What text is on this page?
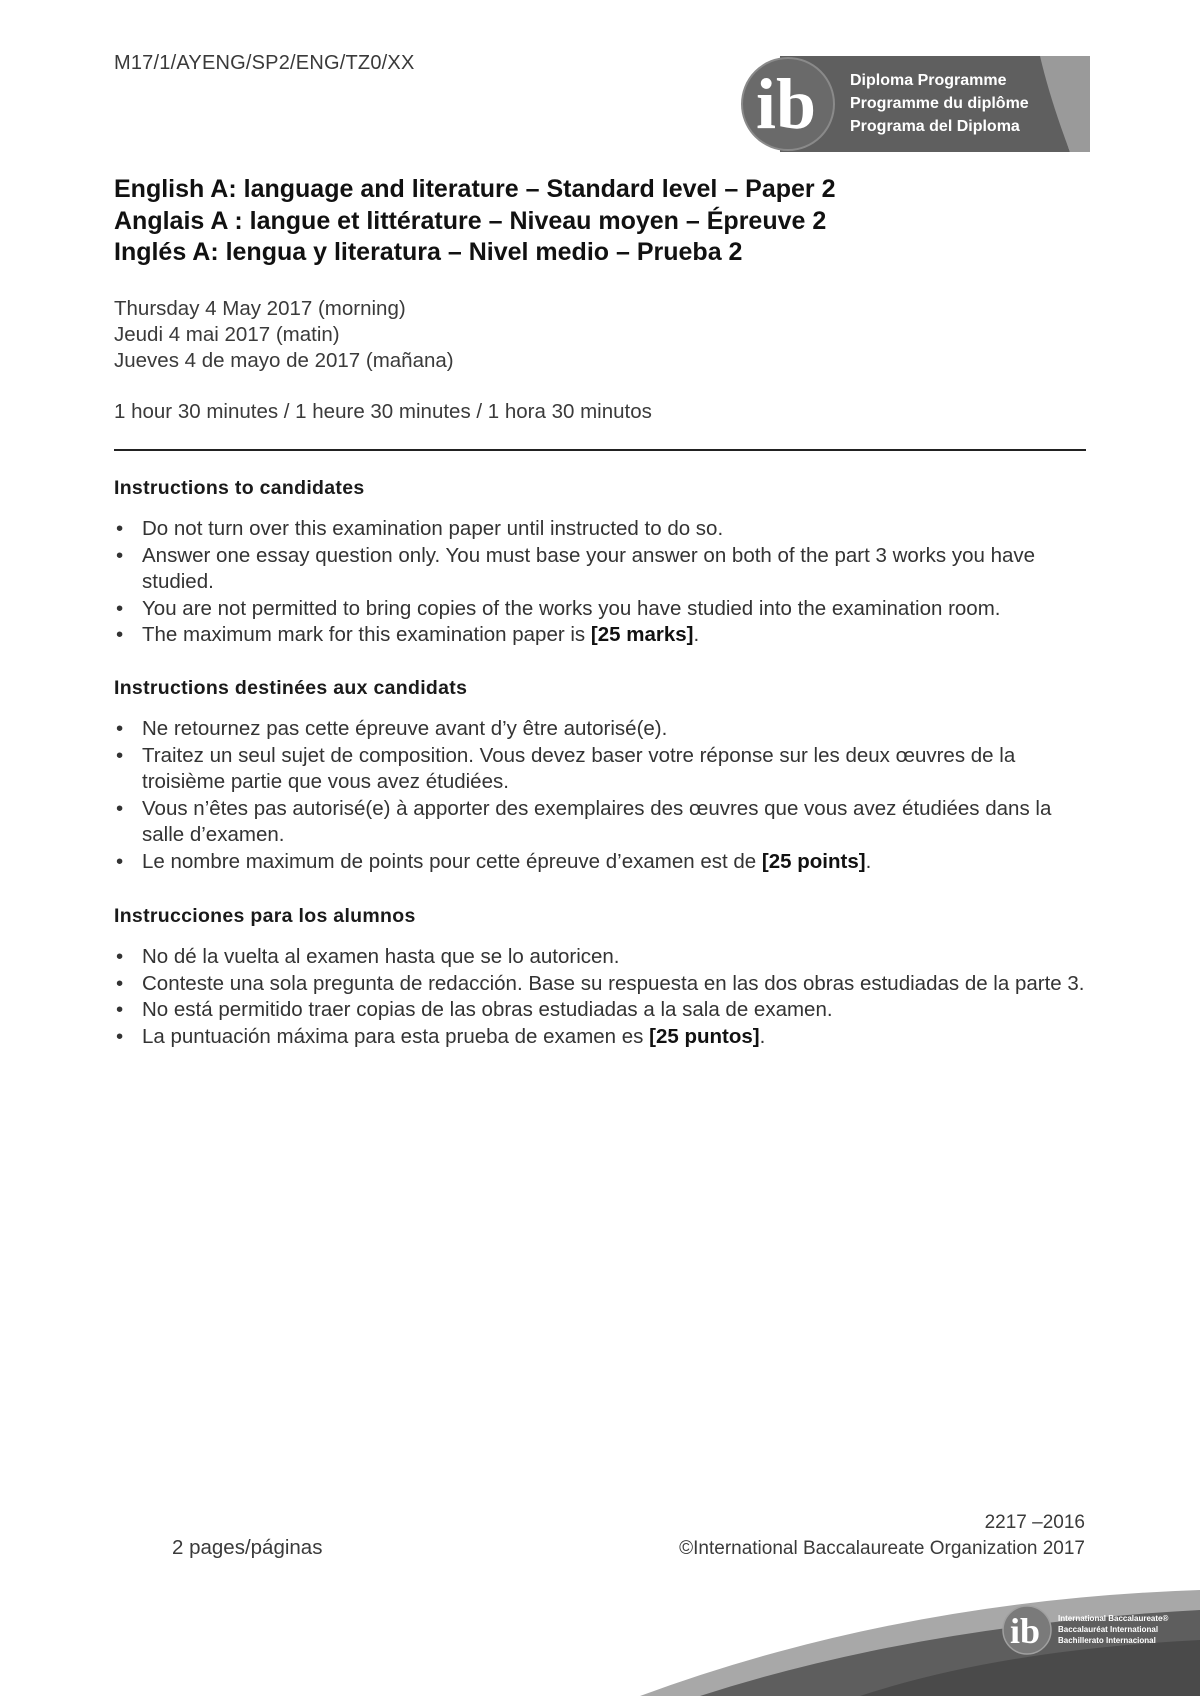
M17/1/AYENG/SP2/ENG/TZ0/XX
ib Diploma Programme
Programme du diplôme
Programa del Diploma
English A: language and literature – Standard level – Paper 2
Anglais A : langue et littérature – Niveau moyen – Épreuve 2
Inglés A: lengua y literatura – Nivel medio – Prueba 2
Thursday 4 May 2017 (morning)
Jeudi 4 mai 2017 (matin)
Jueves 4 de mayo de 2017 (mañana)
1 hour 30 minutes / 1 heure 30 minutes / 1 hora 30 minutos
Instructions to candidates
• Do not turn over this examination paper until instructed to do so.
• Answer one essay question only. You must base your answer on both of the part 3 works you have studied.
• You are not permitted to bring copies of the works you have studied into the examination room.
• The maximum mark for this examination paper is [25 marks].
Instructions destinées aux candidats
• Ne retournez pas cette épreuve avant d’y être autorisé(e).
• Traitez un seul sujet de composition. Vous devez baser votre réponse sur les deux œuvres de la troisième partie que vous avez étudiées.
• Vous n’êtes pas autorisé(e) à apporter des exemplaires des œuvres que vous avez étudiées dans la salle d’examen.
• Le nombre maximum de points pour cette épreuve d’examen est de [25 points].
Instrucciones para los alumnos
• No dé la vuelta al examen hasta que se lo autoricen.
• Conteste una sola pregunta de redacción. Base su respuesta en las dos obras estudiadas de la parte 3.
• No está permitido traer copias de las obras estudiadas a la sala de examen.
• La puntuación máxima para esta prueba de examen es [25 puntos].
2217 –2016
2 pages/páginas	©International Baccalaureate Organization 2017
ib International Baccalaureate®
Baccalauréat International
Bachillerato Internacional
